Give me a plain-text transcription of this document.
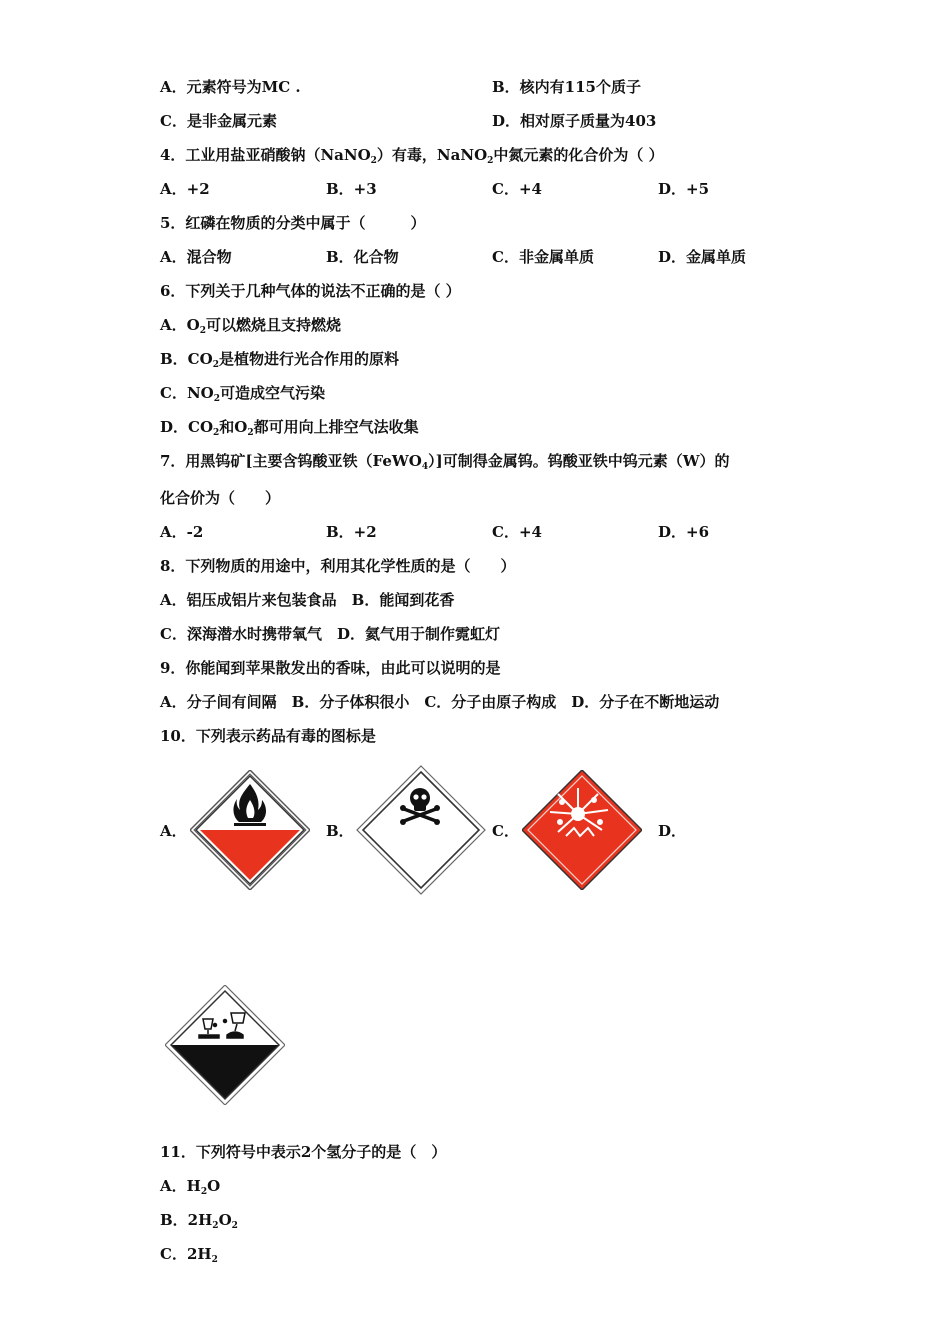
A．元素符号为MC .	B．核内有115个质子
C．是非金属元素	D．相对原子质量为403
4．工业用盐亚硝酸钠（NaNO$_2$）有毒，NaNO$_2$中氮元素的化合价为（ ）
A．+2	B．+3	C．+4	D．+5
5．红磷在物质的分类中属于（　　　）
A．混合物	B．化合物	C．非金属单质	D．金属单质
6．下列关于几种气体的说法不正确的是（ ）
A．$O_2$可以燃烧且支持燃烧
B．$CO_2$是植物进行光合作用的原料
C．$NO_2$可造成空气污染
D．$CO_2$和$O_2$都可用向上排空气法收集
7．用黑钨矿[主要含钨酸亚铁（FeWO$_4$）]可制得金属钨。钨酸亚铁中钨元素（W）的
化合价为（　　）
A．-2	B．+2	C．+4	D．+6
8．下列物质的用途中，利用其化学性质的是（　　）
A．铝压成铝片来包装食品　B．能闻到花香
C．深海潜水时携带氧气　D．氦气用于制作霓虹灯
9．你能闻到苹果散发出的香味，由此可以说明的是
A．分子间有间隔　B．分子体积很小　C．分子由原子构成　D．分子在不断地运动
10．下列表示药品有毒的图标是
A．	B．	C．	D．
11．下列符号中表示2个氢分子的是（　）
A．$H_2O$
B．$2H_2O_2$
C．$2H_2$
